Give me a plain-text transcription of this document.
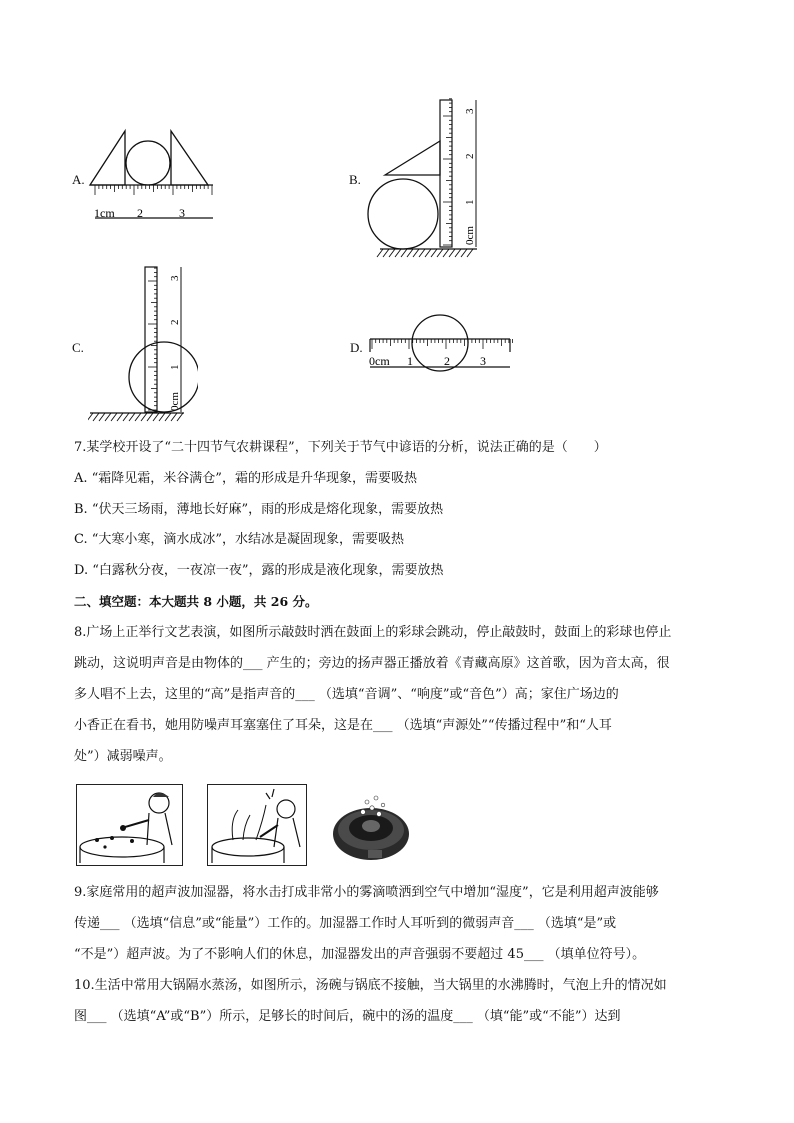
A.
1cm 2	3
B.
0cm
1
2
3
C.
0cm
1
2
3
D.
0cm 1	2	3
7.某学校开设了“二十四节气农耕课程”，下列关于节气中谚语的分析，说法正确的是（　　）
A. “霜降见霜，米谷满仓”，霜的形成是升华现象，需要吸热
B. “伏天三场雨，薄地长好麻”，雨的形成是熔化现象，需要放热
C. “大寒小寒，滴水成冰”，水结冰是凝固现象，需要吸热
D. “白露秋分夜，一夜凉一夜”，露的形成是液化现象，需要放热
二、填空题：本大题共 8 小题，共 26 分。
8.广场上正举行文艺表演，如图所示敲鼓时洒在鼓面上的彩球会跳动，停止敲鼓时，鼓面上的彩球也停止
跳动，这说明声音是由物体的___ 产生的；旁边的扬声器正播放着《青藏高原》这首歌，因为音太高，很
多人唱不上去，这里的“高”是指声音的___ （选填“音调”、“响度”或“音色”）高；家住广场边的
小香正在看书，她用防噪声耳塞塞住了耳朵，这是在___ （选填“声源处”“传播过程中”和“人耳
处”）减弱噪声。
9.家庭常用的超声波加湿器，将水击打成非常小的雾滴喷洒到空气中增加“湿度”，它是利用超声波能够
传递___ （选填“信息”或“能量”）工作的。加湿器工作时人耳听到的微弱声音___ （选填“是”或
“不是”）超声波。为了不影响人们的休息，加湿器发出的声音强弱不要超过 45___ （填单位符号）。
10.生活中常用大锅隔水蒸汤，如图所示，汤碗与锅底不接触，当大锅里的水沸腾时，气泡上升的情况如
图___ （选填“A”或“B”）所示，足够长的时间后，碗中的汤的温度___ （填“能”或“不能”）达到
